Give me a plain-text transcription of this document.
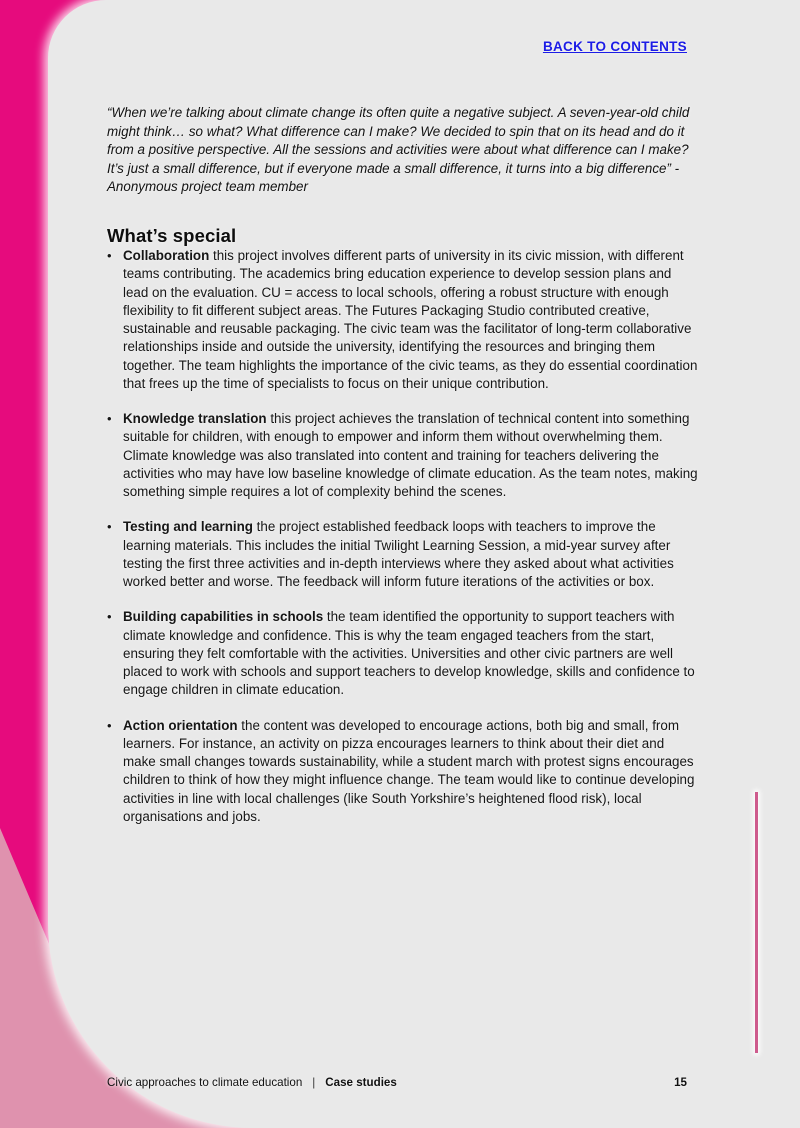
BACK TO CONTENTS

“When we’re talking about climate change its often quite a negative subject. A seven-year-old child might think… so what? What difference can I make? We decided to spin that on its head and do it from a positive perspective. All the sessions and activities were about what difference can I make? It’s just a small difference, but if everyone made a small difference, it turns into a big difference” - Anonymous project team member

What’s special
• Collaboration this project involves different parts of university in its civic mission, with different teams contributing. The academics bring education experience to develop session plans and lead on the evaluation. CU = access to local schools, offering a robust structure with enough flexibility to fit different subject areas. The Futures Packaging Studio contributed creative, sustainable and reusable packaging. The civic team was the facilitator of long-term collaborative relationships inside and outside the university, identifying the resources and bringing them together. The team highlights the importance of the civic teams, as they do essential coordination that frees up the time of specialists to focus on their unique contribution.
• Knowledge translation this project achieves the translation of technical content into something suitable for children, with enough to empower and inform them without overwhelming them. Climate knowledge was also translated into content and training for teachers delivering the activities who may have low baseline knowledge of climate education. As the team notes, making something simple requires a lot of complexity behind the scenes.
• Testing and learning the project established feedback loops with teachers to improve the learning materials. This includes the initial Twilight Learning Session, a mid-year survey after testing the first three activities and in-depth interviews where they asked about what activities worked better and worse. The feedback will inform future iterations of the activities or box.
• Building capabilities in schools the team identified the opportunity to support teachers with climate knowledge and confidence. This is why the team engaged teachers from the start, ensuring they felt comfortable with the activities. Universities and other civic partners are well placed to work with schools and support teachers to develop knowledge, skills and confidence to engage children in climate education.
• Action orientation the content was developed to encourage actions, both big and small, from learners. For instance, an activity on pizza encourages learners to think about their diet and make small changes towards sustainability, while a student march with protest signs encourages children to think of how they might influence change. The team would like to continue developing activities in line with local challenges (like South Yorkshire’s heightened flood risk), local organisations and jobs.
Civic approaches to climate education | Case studies	15
